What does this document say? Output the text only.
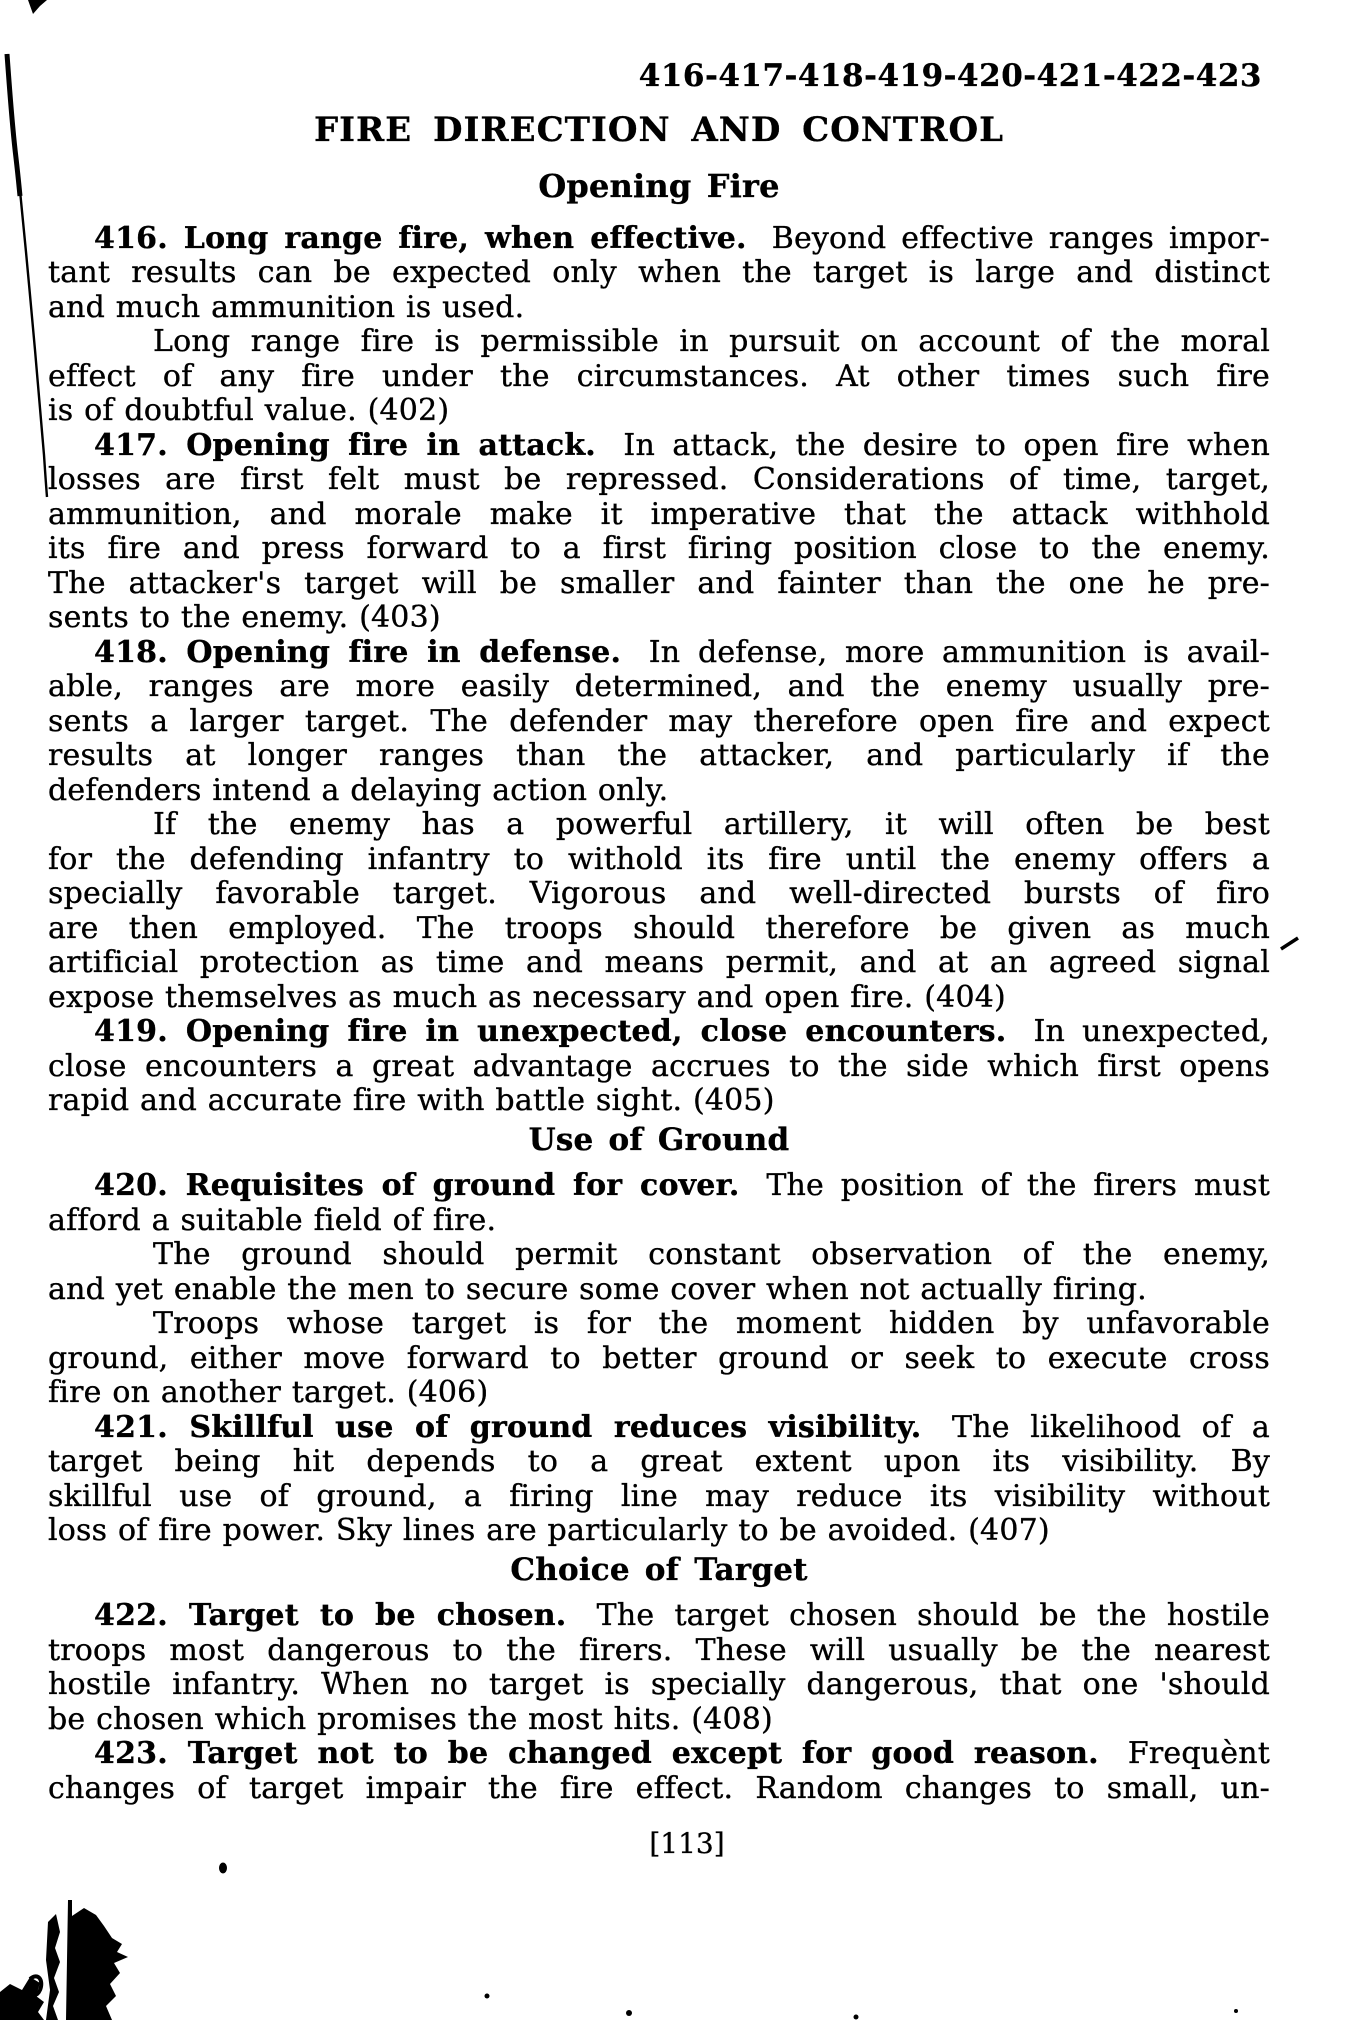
416-417-418-419-420-421-422-423
FIRE DIRECTION AND CONTROL
Opening Fire
416. Long range fire, when effective. Beyond effective ranges impor-
tant results can be expected only when the target is large and distinct
and much ammunition is used.
Long range fire is permissible in pursuit on account of the moral
effect of any fire under the circumstances. At other times such fire
is of doubtful value. (402)
417. Opening fire in attack. In attack, the desire to open fire when
losses are first felt must be repressed. Considerations of time, target,
ammunition, and morale make it imperative that the attack withhold
its fire and press forward to a first firing position close to the enemy.
The attacker's target will be smaller and fainter than the one he pre-
sents to the enemy. (403)
418. Opening fire in defense. In defense, more ammunition is avail-
able, ranges are more easily determined, and the enemy usually pre-
sents a larger target. The defender may therefore open fire and expect
results at longer ranges than the attacker, and particularly if the
defenders intend a delaying action only.
If the enemy has a powerful artillery, it will often be best
for the defending infantry to withold its fire until the enemy offers a
specially favorable target. Vigorous and well-directed bursts of firo
are then employed. The troops should therefore be given as much
artificial protection as time and means permit, and at an agreed signal
expose themselves as much as necessary and open fire. (404)
419. Opening fire in unexpected, close encounters. In unexpected,
close encounters a great advantage accrues to the side which first opens
rapid and accurate fire with battle sight. (405)
Use of Ground
420. Requisites of ground for cover. The position of the firers must
afford a suitable field of fire.
The ground should permit constant observation of the enemy,
and yet enable the men to secure some cover when not actually firing.
Troops whose target is for the moment hidden by unfavorable
ground, either move forward to better ground or seek to execute cross
fire on another target. (406)
421. Skillful use of ground reduces visibility. The likelihood of a
target being hit depends to a great extent upon its visibility. By
skillful use of ground, a firing line may reduce its visibility without
loss of fire power. Sky lines are particularly to be avoided. (407)
Choice of Target
422. Target to be chosen. The target chosen should be the hostile
troops most dangerous to the firers. These will usually be the nearest
hostile infantry. When no target is specially dangerous, that one 'should
be chosen which promises the most hits. (408)
423. Target not to be changed except for good reason. Frequènt
changes of target impair the fire effect. Random changes to small, un-
[113]
